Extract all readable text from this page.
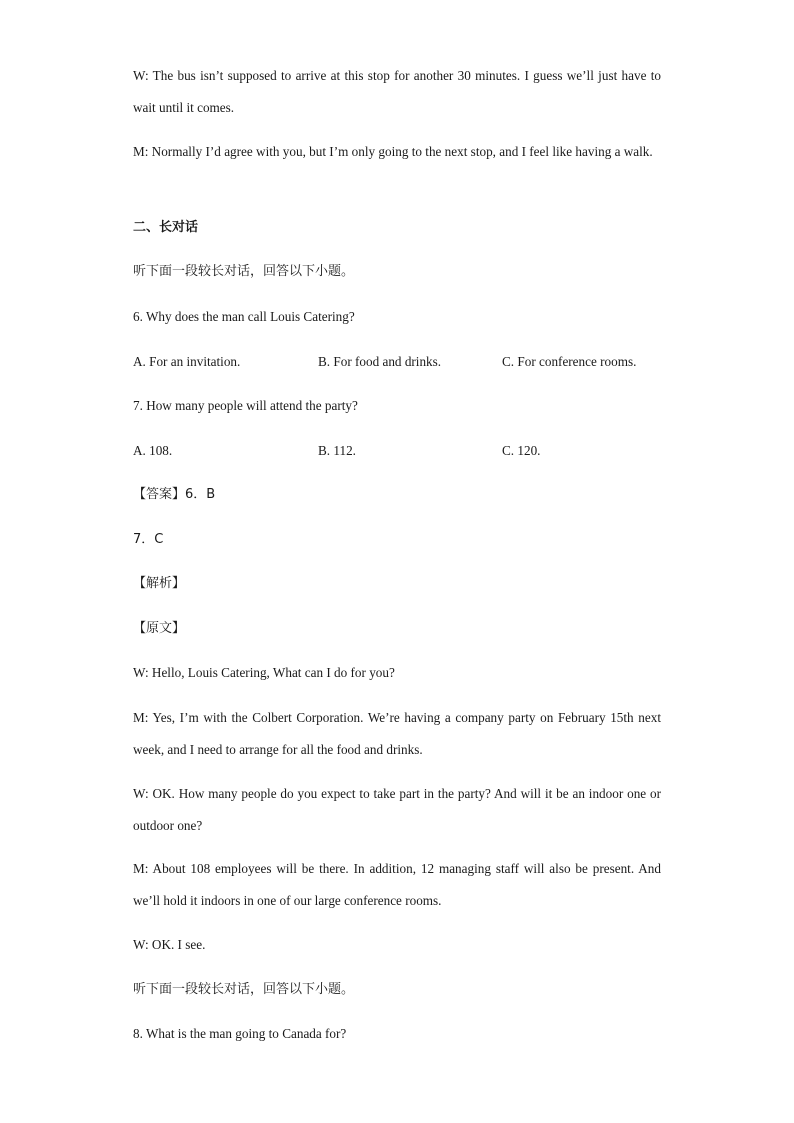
W: The bus isn’t supposed to arrive at this stop for another 30 minutes. I guess we’ll just have to wait until it comes.

M: Normally I’d agree with you, but I’m only going to the next stop, and I feel like having a walk.

二、长对话

听下面一段较长对话，回答以下小题。

6. Why does the man call Louis Catering?

A. For an invitation.	B. For food and drinks.	C. For conference rooms.

7. How many people will attend the party?

A. 108.	B. 112.	C. 120.

【答案】6．B

7．C

【解析】

【原文】

W: Hello, Louis Catering, What can I do for you?

M: Yes, I’m with the Colbert Corporation. We’re having a company party on February 15th next week, and I need to arrange for all the food and drinks.

W: OK. How many people do you expect to take part in the party? And will it be an indoor one or outdoor one?

M: About 108 employees will be there. In addition, 12 managing staff will also be present. And we’ll hold it indoors in one of our large conference rooms.

W: OK. I see.

听下面一段较长对话，回答以下小题。

8. What is the man going to Canada for?
